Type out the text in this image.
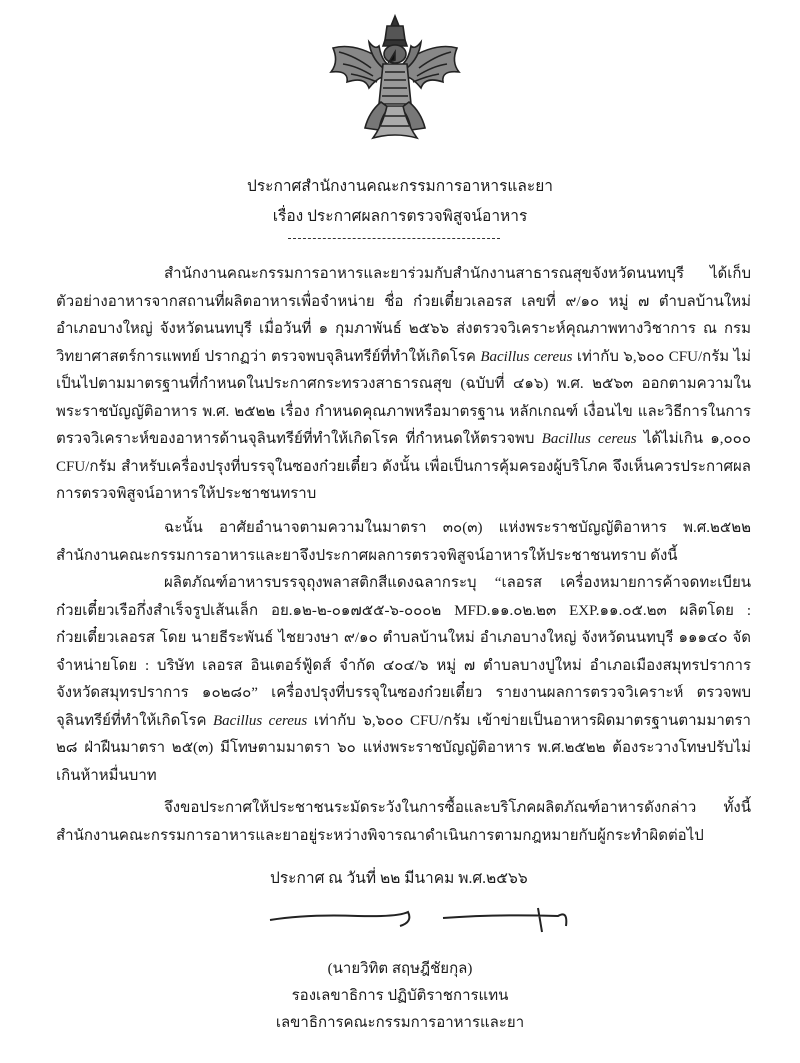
ประกาศสำนักงานคณะกรรมการอาหารและยา
เรื่อง ประกาศผลการตรวจพิสูจน์อาหาร

สำนักงานคณะกรรมการอาหารและยาร่วมกับสำนักงานสาธารณสุขจังหวัดนนทบุรี ได้เก็บตัวอย่างอาหารจากสถานที่ผลิตอาหารเพื่อจำหน่าย ชื่อ ก๋วยเตี๋ยวเลอรส เลขที่ ๙/๑๐ หมู่ ๗ ตำบลบ้านใหม่ อำเภอบางใหญ่ จังหวัดนนทบุรี เมื่อวันที่ ๑ กุมภาพันธ์ ๒๕๖๖ ส่งตรวจวิเคราะห์คุณภาพทางวิชาการ ณ กรมวิทยาศาสตร์การแพทย์ ปรากฏว่า ตรวจพบจุลินทรีย์ที่ทำให้เกิดโรค Bacillus cereus เท่ากับ ๖,๖๐๐ CFU/กรัม ไม่เป็นไปตามมาตรฐานที่กำหนดในประกาศกระทรวงสาธารณสุข (ฉบับที่ ๔๑๖) พ.ศ. ๒๕๖๓ ออกตามความในพระราชบัญญัติอาหาร พ.ศ. ๒๕๒๒ เรื่อง กำหนดคุณภาพหรือมาตรฐาน หลักเกณฑ์ เงื่อนไข และวิธีการในการตรวจวิเคราะห์ของอาหารด้านจุลินทรีย์ที่ทำให้เกิดโรค ที่กำหนดให้ตรวจพบ Bacillus cereus ได้ไม่เกิน ๑,๐๐๐ CFU/กรัม สำหรับเครื่องปรุงที่บรรจุในซองก๋วยเตี๋ยว ดังนั้น เพื่อเป็นการคุ้มครองผู้บริโภค จึงเห็นควรประกาศผลการตรวจพิสูจน์อาหารให้ประชาชนทราบ

ฉะนั้น อาศัยอำนาจตามความในมาตรา ๓๐(๓) แห่งพระราชบัญญัติอาหาร พ.ศ.๒๕๒๒ สำนักงานคณะกรรมการอาหารและยาจึงประกาศผลการตรวจพิสูจน์อาหารให้ประชาชนทราบ ดังนี้

ผลิตภัณฑ์อาหารบรรจุถุงพลาสติกสีแดงฉลากระบุ “เลอรส เครื่องหมายการค้าจดทะเบียน ก๋วยเตี๋ยวเรือกึ่งสำเร็จรูปเส้นเล็ก อย.๑๒-๒-๐๑๗๕๕-๖-๐๐๐๒ MFD.๑๑.๐๒.๒๓ EXP.๑๑.๐๕.๒๓ ผลิตโดย : ก๋วยเตี๋ยวเลอรส โดย นายธีระพันธ์ ไชยวงษา ๙/๑๐ ตำบลบ้านใหม่ อำเภอบางใหญ่ จังหวัดนนทบุรี ๑๑๑๔๐ จัดจำหน่ายโดย : บริษัท เลอรส อินเตอร์ฟู้ดส์ จำกัด ๔๐๔/๖ หมู่ ๗ ตำบลบางปูใหม่ อำเภอเมืองสมุทรปราการ จังหวัดสมุทรปราการ ๑๐๒๘๐” เครื่องปรุงที่บรรจุในซองก๋วยเตี๋ยว รายงานผลการตรวจวิเคราะห์ ตรวจพบจุลินทรีย์ที่ทำให้เกิดโรค Bacillus cereus เท่ากับ ๖,๖๐๐ CFU/กรัม เข้าข่ายเป็นอาหารผิดมาตรฐานตามมาตรา ๒๘ ฝ่าฝืนมาตรา ๒๕(๓) มีโทษตามมาตรา ๖๐ แห่งพระราชบัญญัติอาหาร พ.ศ.๒๕๒๒ ต้องระวางโทษปรับไม่เกินห้าหมื่นบาท

จึงขอประกาศให้ประชาชนระมัดระวังในการซื้อและบริโภคผลิตภัณฑ์อาหารดังกล่าว ทั้งนี้ สำนักงานคณะกรรมการอาหารและยาอยู่ระหว่างพิจารณาดำเนินการตามกฎหมายกับผู้กระทำผิดต่อไป

ประกาศ ณ วันที่ ๒๒ มีนาคม พ.ศ.๒๕๖๖
(นายวิทิต สฤษฎีชัยกุล)
รองเลขาธิการ ปฏิบัติราชการแทน
เลขาธิการคณะกรรมการอาหารและยา
